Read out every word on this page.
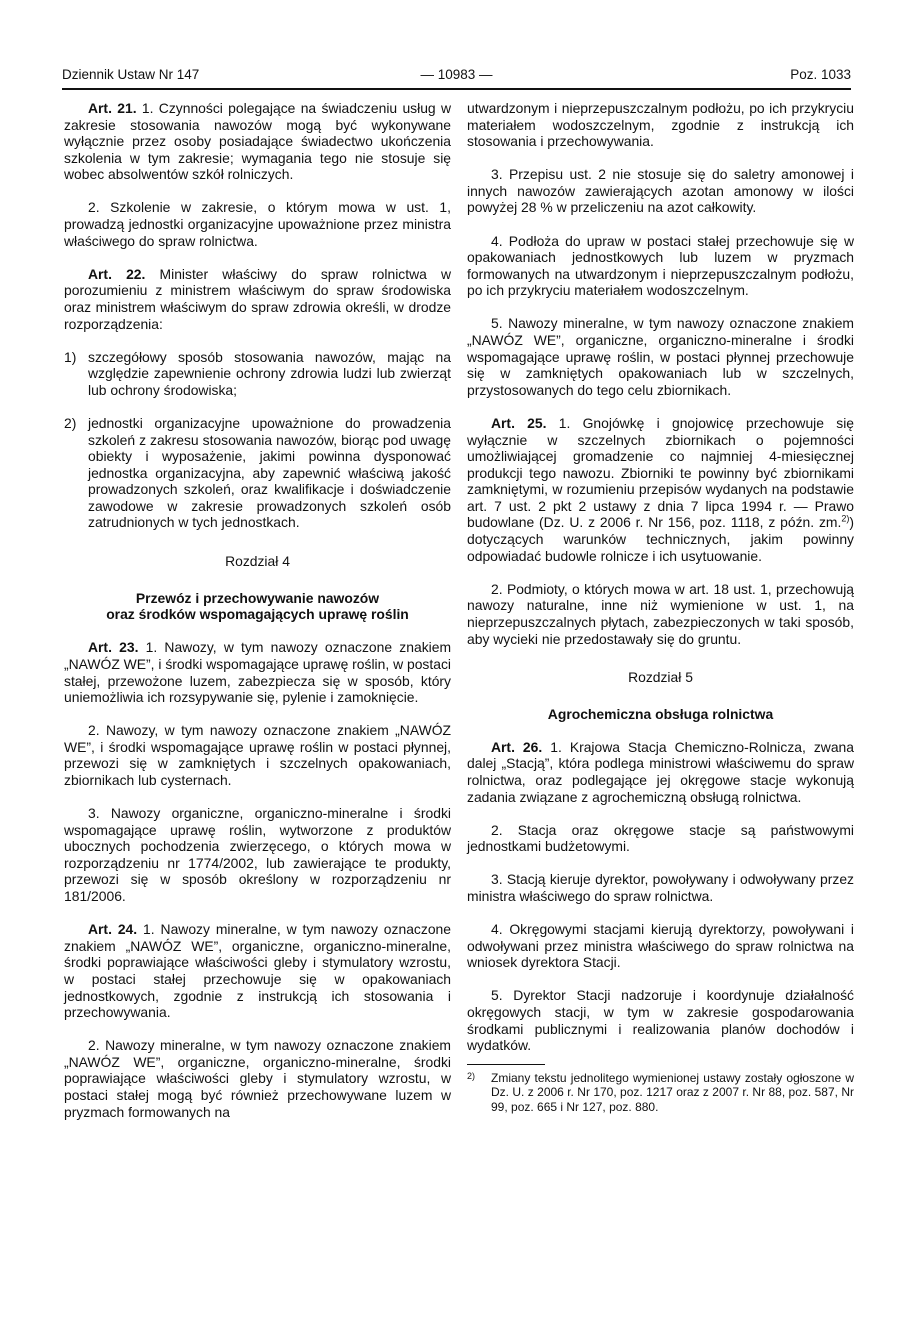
Dziennik Ustaw Nr 147	— 10983 —	Poz. 1033

Art. 21. 1. Czynności polegające na świadczeniu usług w zakresie stosowania nawozów mogą być wykonywane wyłącznie przez osoby posiadające świadectwo ukończenia szkolenia w tym zakresie; wymagania tego nie stosuje się wobec absolwentów szkół rolniczych.

2. Szkolenie w zakresie, o którym mowa w ust. 1, prowadzą jednostki organizacyjne upoważnione przez ministra właściwego do spraw rolnictwa.

Art. 22. Minister właściwy do spraw rolnictwa w porozumieniu z ministrem właściwym do spraw środowiska oraz ministrem właściwym do spraw zdrowia określi, w drodze rozporządzenia:

1) szczegółowy sposób stosowania nawozów, mając na względzie zapewnienie ochrony zdrowia ludzi lub zwierząt lub ochrony środowiska;
2) jednostki organizacyjne upoważnione do prowadzenia szkoleń z zakresu stosowania nawozów, biorąc pod uwagę obiekty i wyposażenie, jakimi powinna dysponować jednostka organizacyjna, aby zapewnić właściwą jakość prowadzonych szkoleń, oraz kwalifikacje i doświadczenie zawodowe w zakresie prowadzonych szkoleń osób zatrudnionych w tych jednostkach.
Rozdział 4
Przewóz i przechowywanie nawozów
oraz środków wspomagających uprawę roślin

Art. 23. 1. Nawozy, w tym nawozy oznaczone znakiem „NAWÓZ WE”, i środki wspomagające uprawę roślin, w postaci stałej, przewożone luzem, zabezpiecza się w sposób, który uniemożliwia ich rozsypywanie się, pylenie i zamoknięcie.

2. Nawozy, w tym nawozy oznaczone znakiem „NAWÓZ WE”, i środki wspomagające uprawę roślin w postaci płynnej, przewozi się w zamkniętych i szczelnych opakowaniach, zbiornikach lub cysternach.

3. Nawozy organiczne, organiczno-mineralne i środki wspomagające uprawę roślin, wytworzone z produktów ubocznych pochodzenia zwierzęcego, o których mowa w rozporządzeniu nr 1774/2002, lub zawierające te produkty, przewozi się w sposób określony w rozporządzeniu nr 181/2006.

Art. 24. 1. Nawozy mineralne, w tym nawozy oznaczone znakiem „NAWÓZ WE”, organiczne, organiczno-mineralne, środki poprawiające właściwości gleby i stymulatory wzrostu, w postaci stałej przechowuje się w opakowaniach jednostkowych, zgodnie z instrukcją ich stosowania i przechowywania.

2. Nawozy mineralne, w tym nawozy oznaczone znakiem „NAWÓZ WE”, organiczne, organiczno-mineralne, środki poprawiające właściwości gleby i stymulatory wzrostu, w postaci stałej mogą być również przechowywane luzem w pryzmach formowanych na

utwardzonym i nieprzepuszczalnym podłożu, po ich przykryciu materiałem wodoszczelnym, zgodnie z instrukcją ich stosowania i przechowywania.

3. Przepisu ust. 2 nie stosuje się do saletry amonowej i innych nawozów zawierających azotan amonowy w ilości powyżej 28 % w przeliczeniu na azot całkowity.

4. Podłoża do upraw w postaci stałej przechowuje się w opakowaniach jednostkowych lub luzem w pryzmach formowanych na utwardzonym i nieprzepuszczalnym podłożu, po ich przykryciu materiałem wodoszczelnym.

5. Nawozy mineralne, w tym nawozy oznaczone znakiem „NAWÓZ WE”, organiczne, organiczno-mineralne i środki wspomagające uprawę roślin, w postaci płynnej przechowuje się w zamkniętych opakowaniach lub w szczelnych, przystosowanych do tego celu zbiornikach.

Art. 25. 1. Gnojówkę i gnojowicę przechowuje się wyłącznie w szczelnych zbiornikach o pojemności umożliwiającej gromadzenie co najmniej 4-miesięcznej produkcji tego nawozu. Zbiorniki te powinny być zbiornikami zamkniętymi, w rozumieniu przepisów wydanych na podstawie art. 7 ust. 2 pkt 2 ustawy z dnia 7 lipca 1994 r. — Prawo budowlane (Dz. U. z 2006 r. Nr 156, poz. 1118, z późn. zm.$^{2)}$) dotyczących warunków technicznych, jakim powinny odpowiadać budowle rolnicze i ich usytuowanie.

2. Podmioty, o których mowa w art. 18 ust. 1, przechowują nawozy naturalne, inne niż wymienione w ust. 1, na nieprzepuszczalnych płytach, zabezpieczonych w taki sposób, aby wycieki nie przedostawały się do gruntu.

Rozdział 5
Agrochemiczna obsługa rolnictwa

Art. 26. 1. Krajowa Stacja Chemiczno-Rolnicza, zwana dalej „Stacją”, która podlega ministrowi właściwemu do spraw rolnictwa, oraz podlegające jej okręgowe stacje wykonują zadania związane z agrochemiczną obsługą rolnictwa.

2. Stacja oraz okręgowe stacje są państwowymi jednostkami budżetowymi.

3. Stacją kieruje dyrektor, powoływany i odwoływany przez ministra właściwego do spraw rolnictwa.

4. Okręgowymi stacjami kierują dyrektorzy, powoływani i odwoływani przez ministra właściwego do spraw rolnictwa na wniosek dyrektora Stacji.

5. Dyrektor Stacji nadzoruje i koordynuje działalność okręgowych stacji, w tym w zakresie gospodarowania środkami publicznymi i realizowania planów dochodów i wydatków.

2)	Zmiany tekstu jednolitego wymienionej ustawy zostały ogłoszone w Dz. U. z 2006 r. Nr 170, poz. 1217 oraz z 2007 r. Nr 88, poz. 587, Nr 99, poz. 665 i Nr 127, poz. 880.
